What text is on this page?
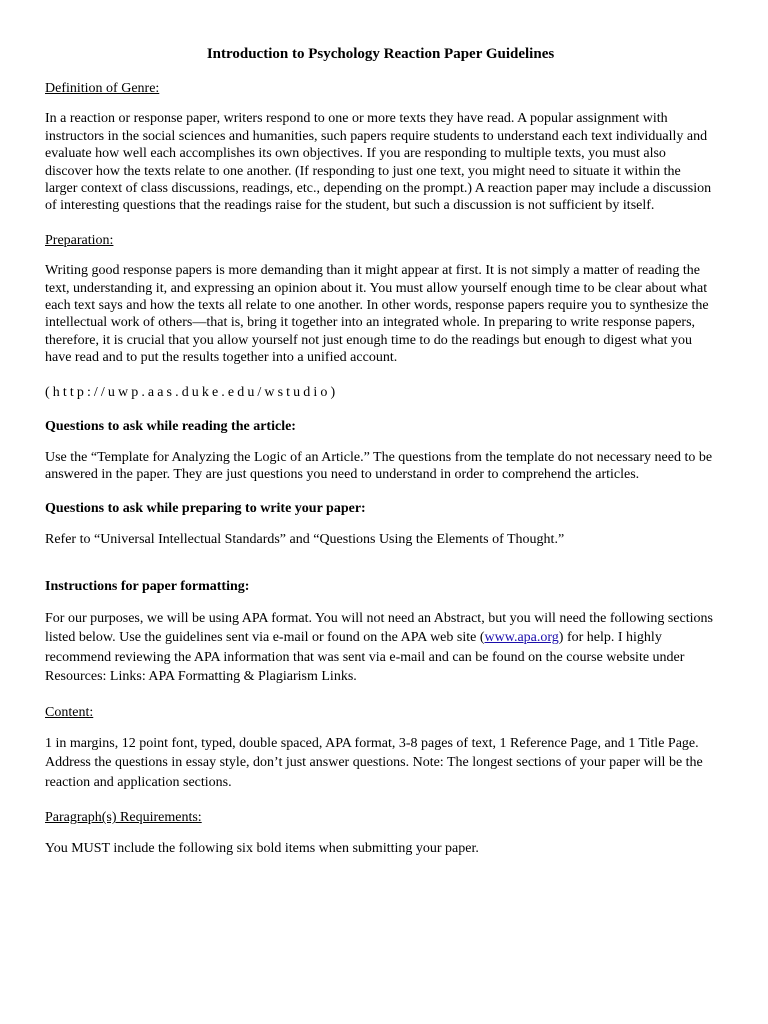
Introduction to Psychology Reaction Paper Guidelines

Definition of Genre:

In a reaction or response paper, writers respond to one or more texts they have read. A popular assignment with instructors in the social sciences and humanities, such papers require students to understand each text individually and evaluate how well each accomplishes its own objectives. If you are responding to multiple texts, you must also discover how the texts relate to one another. (If responding to just one text, you might need to situate it within the larger context of class discussions, readings, etc., depending on the prompt.) A reaction paper may include a discussion of interesting questions that the readings raise for the student, but such a discussion is not sufficient by itself.

Preparation:

Writing good response papers is more demanding than it might appear at first. It is not simply a matter of reading the text, understanding it, and expressing an opinion about it. You must allow yourself enough time to be clear about what each text says and how the texts all relate to one another. In other words, response papers require you to synthesize the intellectual work of others—that is, bring it together into an integrated whole. In preparing to write response papers, therefore, it is crucial that you allow yourself not just enough time to do the readings but enough to digest what you have read and to put the results together into a unified account.

(http://uwp.aas.duke.edu/wstudio)

Questions to ask while reading the article:

Use the “Template for Analyzing the Logic of an Article.” The questions from the template do not necessary need to be answered in the paper. They are just questions you need to understand in order to comprehend the articles.

Questions to ask while preparing to write your paper:

Refer to “Universal Intellectual Standards” and “Questions Using the Elements of Thought.”

Instructions for paper formatting:

For our purposes, we will be using APA format. You will not need an Abstract, but you will need the following sections listed below. Use the guidelines sent via e-mail or found on the APA web site (www.apa.org) for help. I highly recommend reviewing the APA information that was sent via e-mail and can be found on the course website under Resources: Links: APA Formatting & Plagiarism Links.

Content:

1 in margins, 12 point font, typed, double spaced, APA format, 3-8 pages of text, 1 Reference Page, and 1 Title Page. Address the questions in essay style, don’t just answer questions. Note: The longest sections of your paper will be the reaction and application sections.

Paragraph(s) Requirements:

You MUST include the following six bold items when submitting your paper.
